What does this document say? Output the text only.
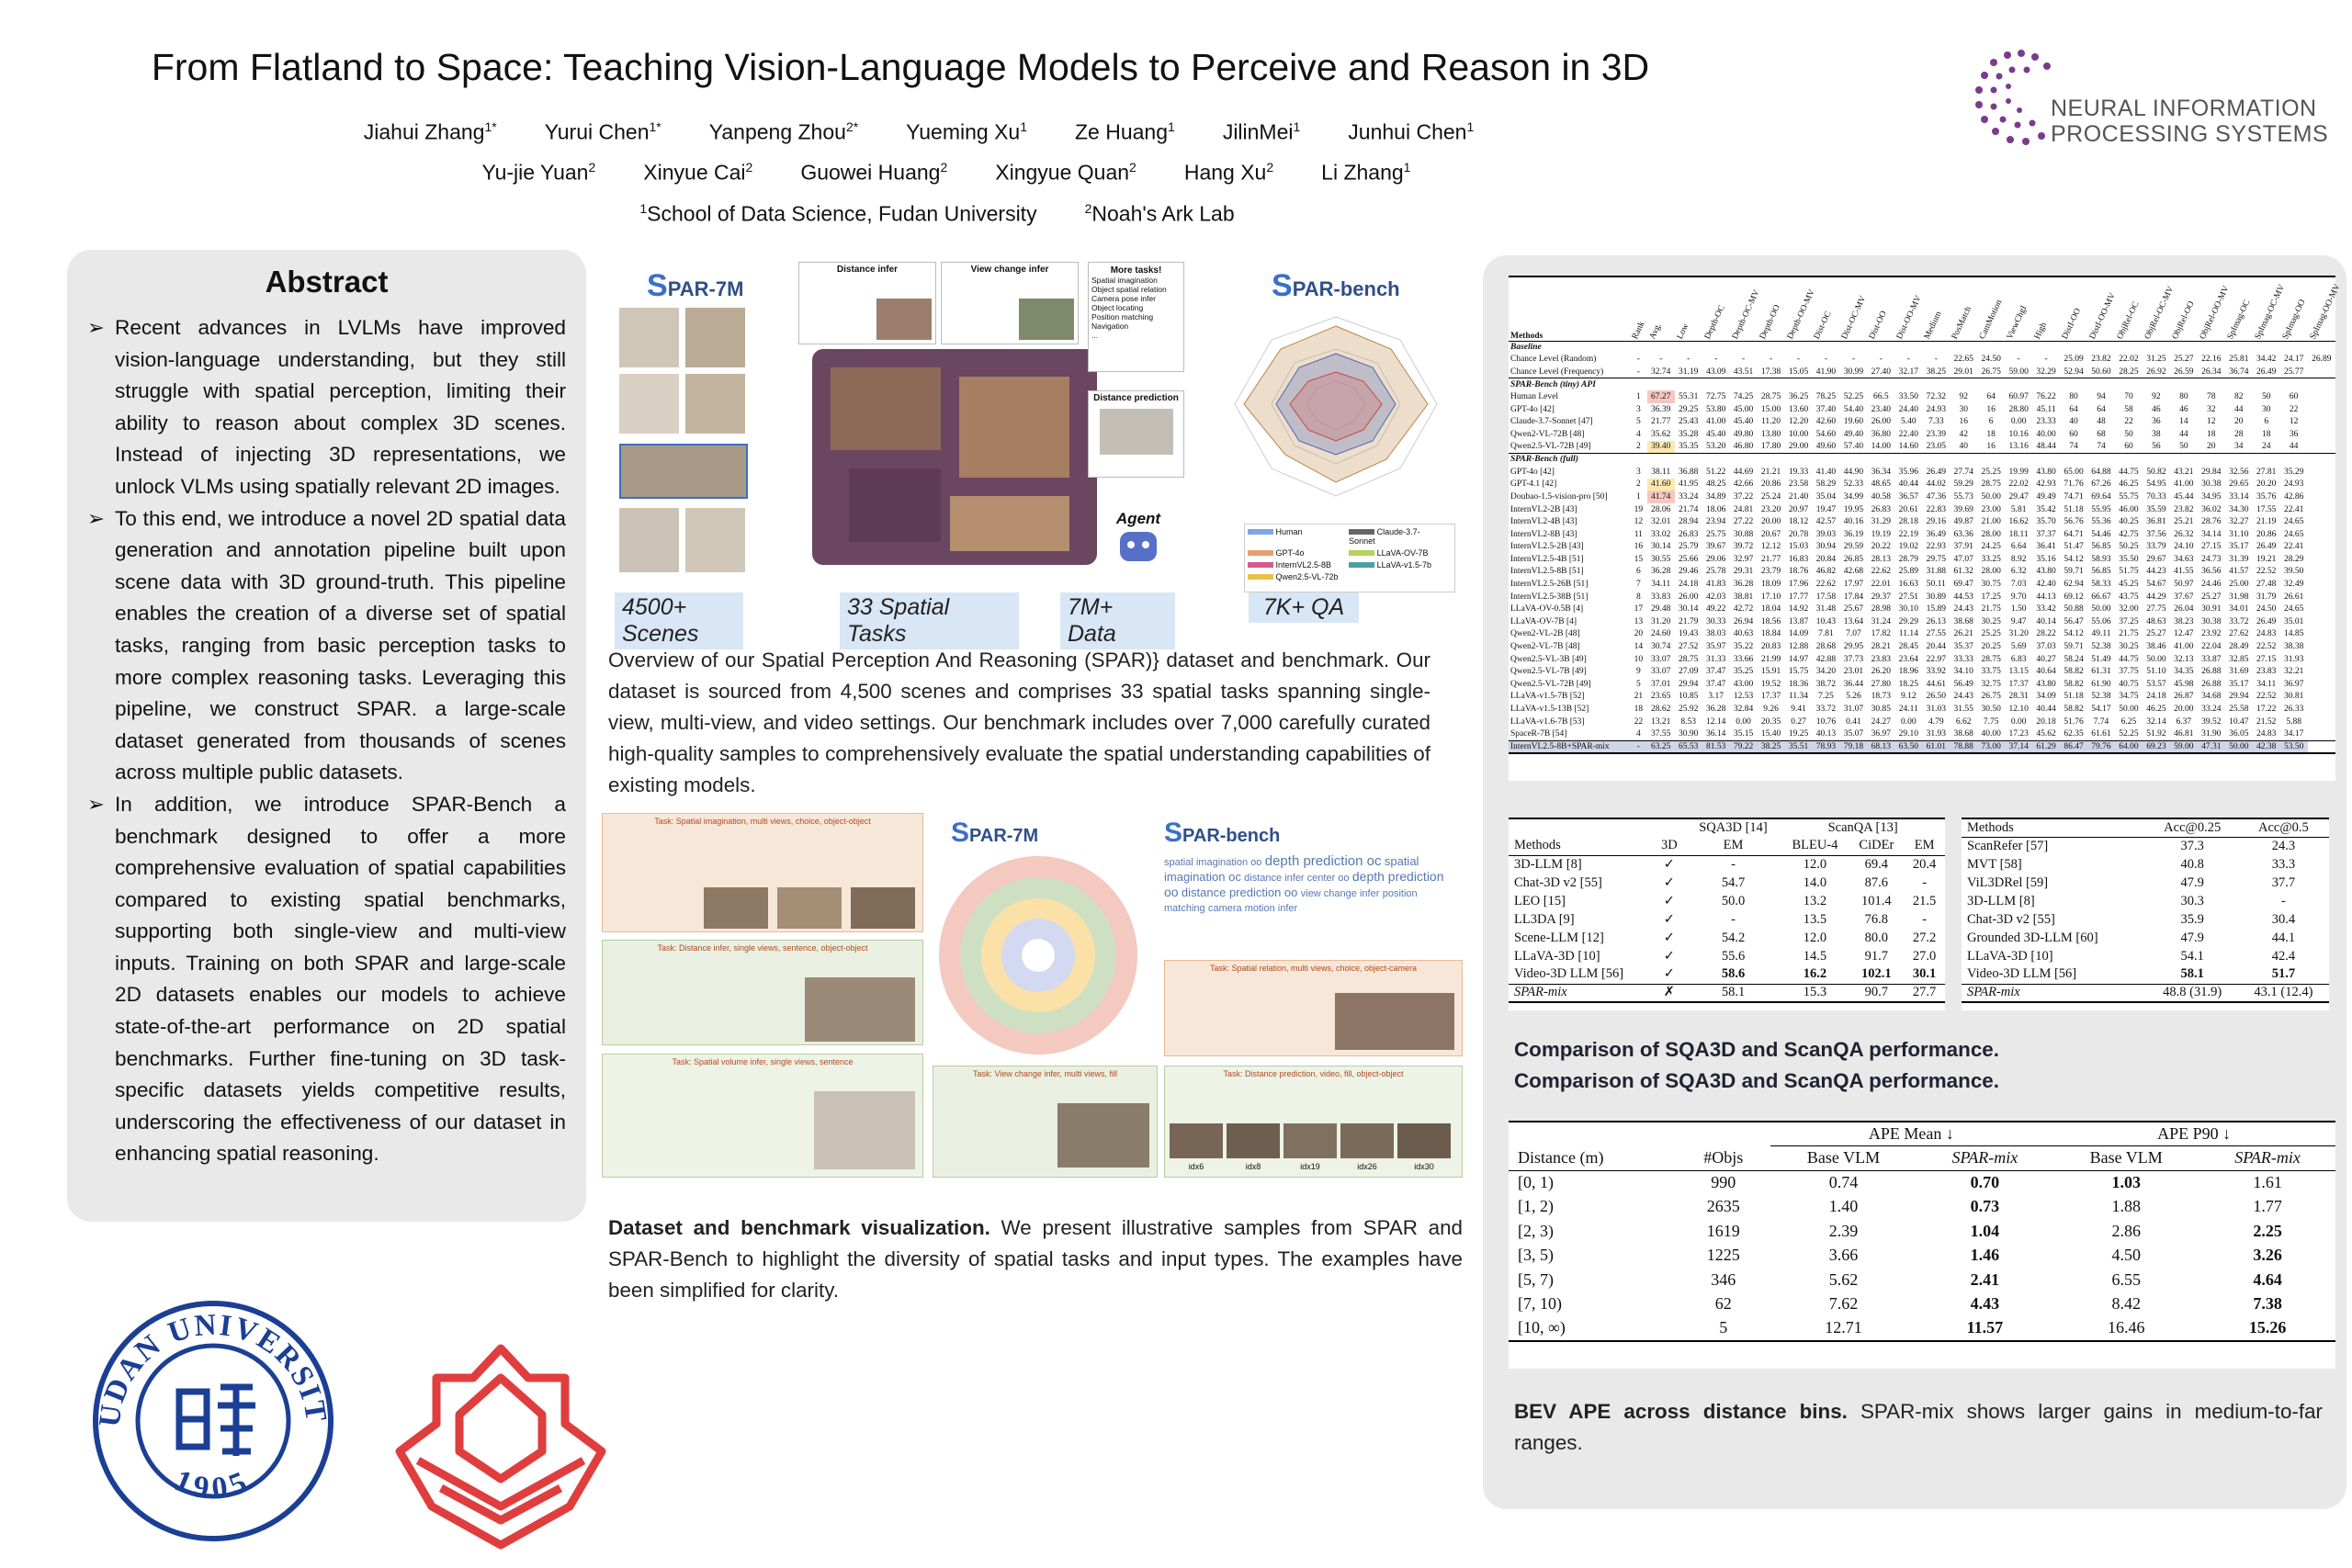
From Flatland to Space: Teaching Vision-Language Models to Perceive and Reason in 3D
Jiahui Zhang$^{1*}$ Yurui Chen$^{1*}$ Yanpeng Zhou$^{2*}$ Yueming Xu$^1$ Ze Huang$^1$ JilinMei$^1$ Junhui Chen$^1$
Yu-jie Yuan$^2$ Xinyue Cai$^2$ Guowei Huang$^2$ Xingyue Quan$^2$ Hang Xu$^2$ Li Zhang$^1$
$^1$School of Data Science, Fudan University	$^2$Noah's Ark Lab
NEURAL INFORMATION
PROCESSING SYSTEMS
Abstract
➢ Recent advances in LVLMs have improved vision-language understanding, but they still struggle with spatial perception, limiting their ability to reason about complex 3D scenes. Instead of injecting 3D representations, we unlock VLMs using spatially relevant 2D images.
➢ To this end, we introduce a novel 2D spatial data generation and annotation pipeline built upon scene data with 3D ground-truth. This pipeline enables the creation of a diverse set of spatial tasks, ranging from basic perception tasks to more complex reasoning tasks. Leveraging this pipeline, we construct SPAR. a large-scale dataset generated from thousands of scenes across multiple public datasets.
➢ In addition, we introduce SPAR-Bench a benchmark designed to offer a more comprehensive evaluation of spatial capabilities compared to existing spatial benchmarks, supporting both single-view and multi-view inputs. Training on both SPAR and large-scale 2D datasets enables our models to achieve state-of-the-art performance on 2D spatial benchmarks. Further fine-tuning on 3D task-specific datasets yields competitive results, underscoring the effectiveness of our dataset in enhancing spatial reasoning.
UDAN UNIVERSIT
1905
SPAR-7M
Distance infer	View change infer	More tasks!
Spatial imagination
Object spatial relation
Camera pose infer
Object locating
Position matching
Navigation
...
Distance prediction
Agent
SPAR-bench
Human	Claude-3.7-Sonnet
GPT-4o	LLaVA-OV-7B
InternVL2.5-8B	LLaVA-v1.5-7b
Qwen2.5-VL-72b
4500+ Scenes
33 Spatial Tasks
7M+ Data
7K+ QA
Overview of our Spatial Perception And Reasoning (SPAR)} dataset and benchmark. Our dataset is sourced from 4,500 scenes and comprises 33 spatial tasks spanning single-view, multi-view, and video settings. Our benchmark includes over 7,000 carefully curated high-quality samples to comprehensively evaluate the spatial understanding capabilities of existing models.
Task: Spatial imagination, multi views, choice, object-object
Task: Distance infer, single views, sentence, object-object
Task: Spatial volume infer, single views, sentence
SPAR-7M	SPAR-bench
spatial imagination oo depth prediction oc spatial imagination oc distance infer center oo depth prediction oo distance prediction oo view change infer position matching camera motion infer
Task: Spatial relation, multi views, choice, object-camera
Task: View change infer, multi views, fill	Task: Distance prediction, video, fill, object-object
idx6	idx8	idx19	idx26	idx30
Dataset and benchmark visualization. We present illustrative samples from SPAR and SPAR-Bench to highlight the diversity of spatial tasks and input types. The examples have been simplified for clarity.
Methods	Rank	Avg.	Low	Depth-OC	Depth-OC-MV	Depth-OO	Depth-OO-MV	Dist-OC	Dist-OC-MV	Dist-OO	Dist-OO-MV	Medium	PosMatch	CamMotion	ViewChgI	High	DistI-OO	DistI-OO-MV	ObjRel-OC	ObjRel-OC-MV	ObjRel-OO	ObjRel-OO-MV	SpImag-OC	SpImag-OC-MV	SpImag-OO	SpImag-OO-MV

Baseline																										
Chance Level (Random)	-	-	-	-	-	-	-	-	-	-	-	-	22.65	24.50	-	-	25.09	23.82	22.02	31.25	25.27	22.16	25.81	34.42	24.17	26.89
Chance Level (Frequency)	-	32.74	31.19	43.09	43.51	17.38	15.05	41.90	30.99	27.40	32.17	38.25	29.01	26.75	59.00	32.29	52.94	50.60	28.25	26.92	26.59	26.34	36.74	26.49	25.77	
SPAR-Bench (tiny) API																										
Human Level	1	67.27	55.31	72.75	74.25	28.75	36.25	78.25	52.25	66.5	33.50	72.32	92	64	60.97	76.22	80	94	70	92	80	78	82	50	60	
GPT-4o [42]	3	36.39	29.25	53.80	45.00	15.00	13.60	37.40	54.40	23.40	24.40	24.93	30	16	28.80	45.11	64	64	58	46	46	32	44	30	22	
Claude-3.7-Sonnet [47]	5	21.77	25.43	41.00	45.40	11.20	12.20	42.60	19.60	26.00	5.40	7.33	16	6	0.00	23.33	40	48	22	36	14	12	20	6	12	
Qwen2-VL-72B [48]	4	35.62	35.28	45.40	49.80	13.80	10.00	54.60	49.40	36.80	22.40	23.39	42	18	10.16	40.00	60	68	50	38	44	18	28	18	36	
Qwen2.5-VL-72B [49]	2	39.40	35.35	53.20	46.80	17.80	29.00	49.60	57.40	14.00	14.60	23.05	40	16	13.16	48.44	74	74	60	56	50	20	34	24	44	
SPAR-Bench (full)																										
GPT-4o [42]	3	38.11	36.88	51.22	44.69	21.21	19.33	41.40	44.90	36.34	35.96	26.49	27.74	25.25	19.99	43.80	65.00	64.88	44.75	50.82	43.21	29.84	32.56	27.81	35.29	
GPT-4.1 [42]	2	41.60	41.95	48.25	42.66	20.86	23.58	58.29	52.33	48.65	40.44	44.02	59.29	28.75	22.02	42.93	71.76	67.26	46.25	54.95	41.00	30.38	29.65	20.20	24.93	
Doubao-1.5-vision-pro [50]	1	41.74	33.24	34.89	37.22	25.24	21.40	35.04	34.99	40.58	36.57	47.36	55.73	50.00	29.47	49.49	74.71	69.64	55.75	70.33	45.44	34.95	33.14	35.76	42.86	
InternVL2-2B [43]	19	28.06	21.74	18.06	24.81	23.20	20.97	19.47	19.95	26.83	20.61	22.83	39.69	23.00	5.81	35.42	51.18	55.95	46.00	35.59	23.82	36.02	34.30	17.55	22.41	
InternVL2-4B [43]	12	32.01	28.94	23.94	27.22	20.00	18.12	42.57	40.16	31.29	28.18	29.16	49.87	21.00	16.62	35.70	56.76	55.36	40.25	36.81	25.21	28.76	32.27	21.19	24.65	
InternVL2-8B [43]	11	33.02	26.83	25.75	30.88	20.67	20.78	39.03	36.19	19.19	22.19	36.49	63.36	28.00	18.11	37.37	64.71	54.46	42.75	37.56	26.32	34.14	31.10	20.86	24.65	
InternVL2.5-2B [43]	16	30.14	25.79	39.67	39.72	12.12	15.03	30.94	29.59	20.22	19.02	22.93	37.91	24.25	6.64	36.41	51.47	56.85	50.25	33.79	24.10	27.15	35.17	26.49	22.41	
InternVL2.5-4B [51]	15	30.55	25.66	29.06	32.97	21.77	16.83	20.84	26.85	28.13	28.79	29.75	47.07	33.25	8.92	35.16	54.12	58.93	35.50	29.67	34.63	24.73	31.39	19.21	28.29	
InternVL2.5-8B [51]	6	36.28	29.46	25.78	29.31	23.79	18.76	46.82	42.68	22.62	25.89	31.88	61.32	28.00	6.32	43.80	59.71	56.85	51.75	44.23	41.55	36.56	41.57	22.52	39.50	
InternVL2.5-26B [51]	7	34.11	24.18	41.83	36.28	18.09	17.96	22.62	17.97	22.01	16.63	50.11	69.47	30.75	7.03	42.40	62.94	58.33	45.25	54.67	50.97	24.46	25.00	27.48	32.49	
InternVL2.5-38B [51]	8	33.83	26.00	42.03	38.81	17.10	17.77	17.58	17.84	29.37	27.51	30.89	44.53	17.25	9.70	44.13	69.12	66.67	43.75	44.29	37.67	25.27	31.98	31.79	26.61	
LLaVA-OV-0.5B [4]	17	29.48	30.14	49.22	42.72	18.04	14.92	31.48	25.67	28.98	30.10	15.89	24.43	21.75	1.50	33.42	50.88	50.00	32.00	27.75	26.04	30.91	34.01	24.50	24.65	
LLaVA-OV-7B [4]	13	31.20	21.79	30.33	26.94	18.56	13.87	10.43	13.64	31.24	29.29	26.13	38.68	30.25	9.47	40.14	56.47	55.06	37.25	48.63	38.23	30.38	33.72	26.49	35.01	
Qwen2-VL-2B [48]	20	24.60	19.43	38.03	40.63	18.84	14.09	7.81	7.07	17.82	11.14	27.55	26.21	25.25	31.20	28.22	54.12	49.11	21.75	25.27	12.47	23.92	27.62	24.83	14.85	
Qwen2-VL-7B [48]	14	30.74	27.52	35.97	35.22	20.83	12.88	28.68	29.95	28.21	28.45	20.44	35.37	20.25	5.69	37.03	59.71	52.38	30.25	38.46	41.00	22.04	28.49	22.52	38.38	
Qwen2.5-VL-3B [49]	10	33.07	28.75	31.33	33.66	21.99	14.97	42.88	37.73	23.83	23.64	22.97	33.33	28.75	6.83	40.27	58.24	51.49	44.75	50.00	32.13	33.87	32.85	27.15	31.93	
Qwen2.5-VL-7B [49]	9	33.07	27.09	37.47	35.25	15.91	15.75	34.20	23.01	26.20	18.96	33.92	34.10	33.75	13.15	40.64	58.82	61.31	37.75	51.10	34.35	26.88	31.69	23.83	32.21	
Qwen2.5-VL-72B [49]	5	37.01	29.94	37.47	43.00	19.52	18.36	38.72	36.44	27.80	18.25	44.61	56.49	32.75	17.37	43.80	58.82	61.90	40.75	53.57	45.98	26.88	35.17	34.11	36.97	
LLaVA-v1.5-7B [52]	21	23.65	10.85	3.17	12.53	17.37	11.34	7.25	5.26	18.73	9.12	26.50	24.43	26.75	28.31	34.09	51.18	52.38	34.75	24.18	26.87	34.68	29.94	22.52	30.81	
LLaVA-v1.5-13B [52]	18	28.62	25.92	36.28	32.84	9.26	9.41	33.72	31.07	30.85	24.11	31.03	31.55	30.50	12.10	40.44	58.82	54.17	50.00	46.25	20.00	33.24	25.58	17.22	26.33	
LLaVA-v1.6-7B [53]	22	13.21	8.53	12.14	0.00	20.35	0.27	10.76	0.41	24.27	0.00	4.79	6.62	7.75	0.00	20.18	51.76	7.74	6.25	32.14	6.37	39.52	10.47	21.52	5.88	
SpaceR-7B [54]	4	37.55	30.90	36.14	35.15	15.40	19.25	40.13	35.07	36.97	29.10	31.93	38.68	40.00	17.23	45.62	62.35	61.61	52.25	51.92	46.81	31.90	36.05	24.83	34.17	
InternVL2.5-8B+SPAR-mix	-	63.25	65.53	81.53	79.22	38.25	35.51	78.93	79.18	68.13	63.50	61.01	78.88	73.00	37.14	61.29	86.47	79.76	64.00	69.23	59.00	47.31	50.00	42.38	53.50	
		SQA3D [14]	ScanQA [13]		
Methods	3D	EM	BLEU-4	CiDEr	EM
3D-LLM [8]	✓	-	12.0	69.4	20.4
Chat-3D v2 [55]	✓	54.7	14.0	87.6	-
LEO [15]	✓	50.0	13.2	101.4	21.5
LL3DA [9]	✓	-	13.5	76.8	-
Scene-LLM [12]	✓	54.2	12.0	80.0	27.2
LLaVA-3D [10]	✓	55.6	14.5	91.7	27.0
Video-3D LLM [56]	✓	58.6	16.2	102.1	30.1
SPAR-mix	✗	58.1	15.3	90.7	27.7
Methods	Acc@0.25	Acc@0.5
ScanRefer [57]	37.3	24.3
MVT [58]	40.8	33.3
ViL3DRel [59]	47.9	37.7
3D-LLM [8]	30.3	-
Chat-3D v2 [55]	35.9	30.4
Grounded 3D-LLM [60]	47.9	44.1
LLaVA-3D [10]	54.1	42.4
Video-3D LLM [56]	58.1	51.7
SPAR-mix	48.8 (31.9)	43.1 (12.4)
Comparison of SQA3D and ScanQA performance.
Comparison of SQA3D and ScanQA performance.
		APE Mean ↓		APE P90 ↓	
Distance (m)	#Objs	Base VLM	SPAR-mix	Base VLM	SPAR-mix
[0, 1)	990	0.74	0.70	1.03	1.61
[1, 2)	2635	1.40	0.73	1.88	1.77
[2, 3)	1619	2.39	1.04	2.86	2.25
[3, 5)	1225	3.66	1.46	4.50	3.26
[5, 7)	346	5.62	2.41	6.55	4.64
[7, 10)	62	7.62	4.43	8.42	7.38
[10, ∞)	5	12.71	11.57	16.46	15.26
BEV APE across distance bins. SPAR-mix shows larger gains in medium-to-far ranges.
